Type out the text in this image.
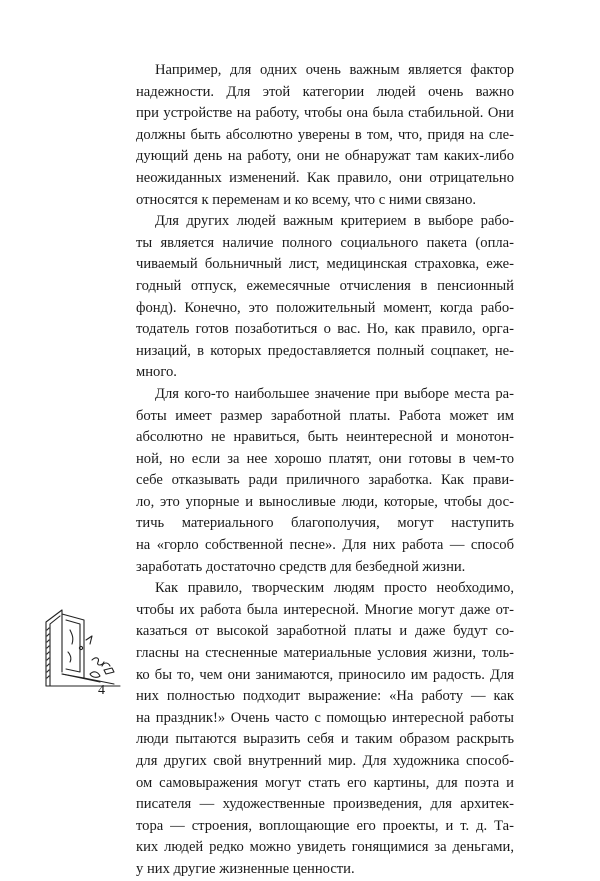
Например, для одних очень важным является фактор
надежности. Для этой категории людей очень важно
при устройстве на работу, чтобы она была стабильной. Они
должны быть абсолютно уверены в том, что, придя на сле-
дующий день на работу, они не обнаружат там каких-либо
неожиданных изменений. Как правило, они отрицательно
относятся к переменам и ко всему, что с ними связано.
Для других людей важным критерием в выборе рабо-
ты является наличие полного социального пакета (опла-
чиваемый больничный лист, медицинская страховка, еже-
годный отпуск, ежемесячные отчисления в пенсионный
фонд). Конечно, это положительный момент, когда рабо-
тодатель готов позаботиться о вас. Но, как правило, орга-
низаций, в которых предоставляется полный соцпакет, не-
много.
Для кого-то наибольшее значение при выборе места ра-
боты имеет размер заработной платы. Работа может им
абсолютно не нравиться, быть неинтересной и монотон-
ной, но если за нее хорошо платят, они готовы в чем-то
себе отказывать ради приличного заработка. Как прави-
ло, это упорные и выносливые люди, которые, чтобы дос-
тичь материального благополучия, могут наступить
на «горло собственной песне». Для них работа — способ
заработать достаточно средств для безбедной жизни.
Как правило, творческим людям просто необходимо,
чтобы их работа была интересной. Многие могут даже от-
казаться от высокой заработной платы и даже будут со-
гласны на стесненные материальные условия жизни, толь-
ко бы то, чем они занимаются, приносило им радость. Для
них полностью подходит выражение: «На работу — как
на праздник!» Очень часто с помощью интересной работы
люди пытаются выразить себя и таким образом раскрыть
для других свой внутренний мир. Для художника способ-
ом самовыражения могут стать его картины, для поэта и
писателя — художественные произведения, для архитек-
тора — строения, воплощающие его проекты, и т. д. Та-
ких людей редко можно увидеть гонящимися за деньгами,
у них другие жизненные ценности.
4
